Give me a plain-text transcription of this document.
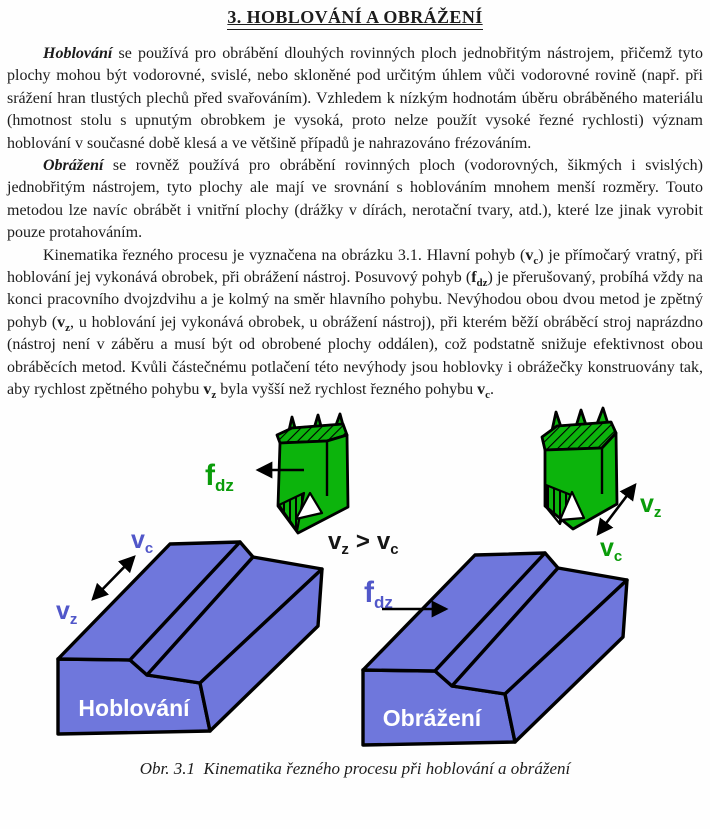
3. HOBLOVÁNÍ A OBRÁŽENÍ

Hoblování se používá pro obrábění dlouhých rovinných ploch jednobřitým nástrojem, přičemž tyto plochy mohou být vodorovné, svislé, nebo skloněné pod určitým úhlem vůči vodorovné rovině (např. při srážení hran tlustých plechů před svařováním). Vzhledem k nízkým hodnotám úběru obráběného materiálu (hmotnost stolu s upnutým obrobkem je vysoká, proto nelze použít vysoké řezné rychlosti) význam hoblování v současné době klesá a ve většině případů je nahrazováno frézováním.

Obrážení se rovněž používá pro obrábění rovinných ploch (vodorovných, šikmých i svislých) jednobřitým nástrojem, tyto plochy ale mají ve srovnání s hoblováním mnohem menší rozměry. Touto metodou lze navíc obrábět i vnitřní plochy (drážky v dírách, nerotační tvary, atd.), které lze jinak vyrobit pouze protahováním.

Kinematika řezného procesu je vyznačena na obrázku 3.1. Hlavní pohyb $(v_c)$ je přímočarý vratný, při hoblování jej vykonává obrobek, při obrážení nástroj. Posuvový pohyb $(f_{dz})$ je přerušovaný, probíhá vždy na konci pracovního dvojzdvihu a je kolmý na směr hlavního pohybu. Nevýhodou obou dvou metod je zpětný pohyb ($v_z$, u hoblování jej vykonává obrobek, u obrážení nástroj), při kterém běží obráběcí stroj naprázdno (nástroj není v záběru a musí být od obrobené plochy oddálen), což podstatně snižuje efektivnost obou obráběcích metod. Kvůli částečnému potlačení této nevýhody jsou hoblovky i obrážečky konstruovány tak, aby rychlost zpětného pohybu $v_z$ byla vyšší než rychlost řezného pohybu $v_c$.

Hoblování
$f_{dz}$
$v_c$
$v_z$
$v_z > v_c$
Obrážení
$v_z$
$v_c$
$f_{dz}$
Obr. 3.1  Kinematika řezného procesu při hoblování a obrážení
